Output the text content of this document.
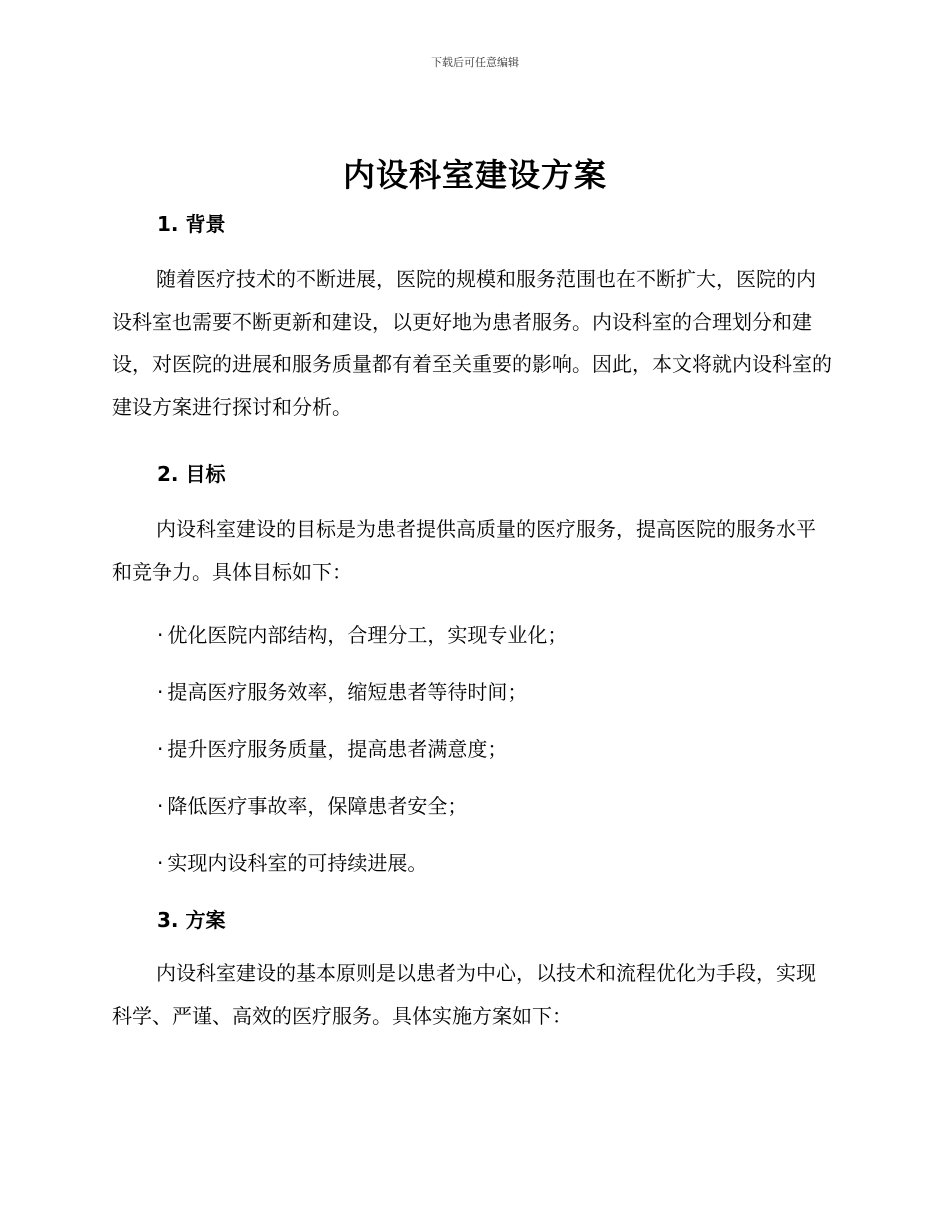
下载后可任意编辑
内设科室建设方案
1. 背景

随着医疗技术的不断进展，医院的规模和服务范围也在不断扩大，医院的内设科室也需要不断更新和建设，以更好地为患者服务。内设科室的合理划分和建设，对医院的进展和服务质量都有着至关重要的影响。因此，本文将就内设科室的建设方案进行探讨和分析。

2. 目标

内设科室建设的目标是为患者提供高质量的医疗服务，提高医院的服务水平和竞争力。具体目标如下：

· 优化医院内部结构，合理分工，实现专业化；
· 提高医疗服务效率，缩短患者等待时间；
· 提升医疗服务质量，提高患者满意度；
· 降低医疗事故率，保障患者安全；
· 实现内设科室的可持续进展。
3. 方案

内设科室建设的基本原则是以患者为中心，以技术和流程优化为手段，实现科学、严谨、高效的医疗服务。具体实施方案如下：
